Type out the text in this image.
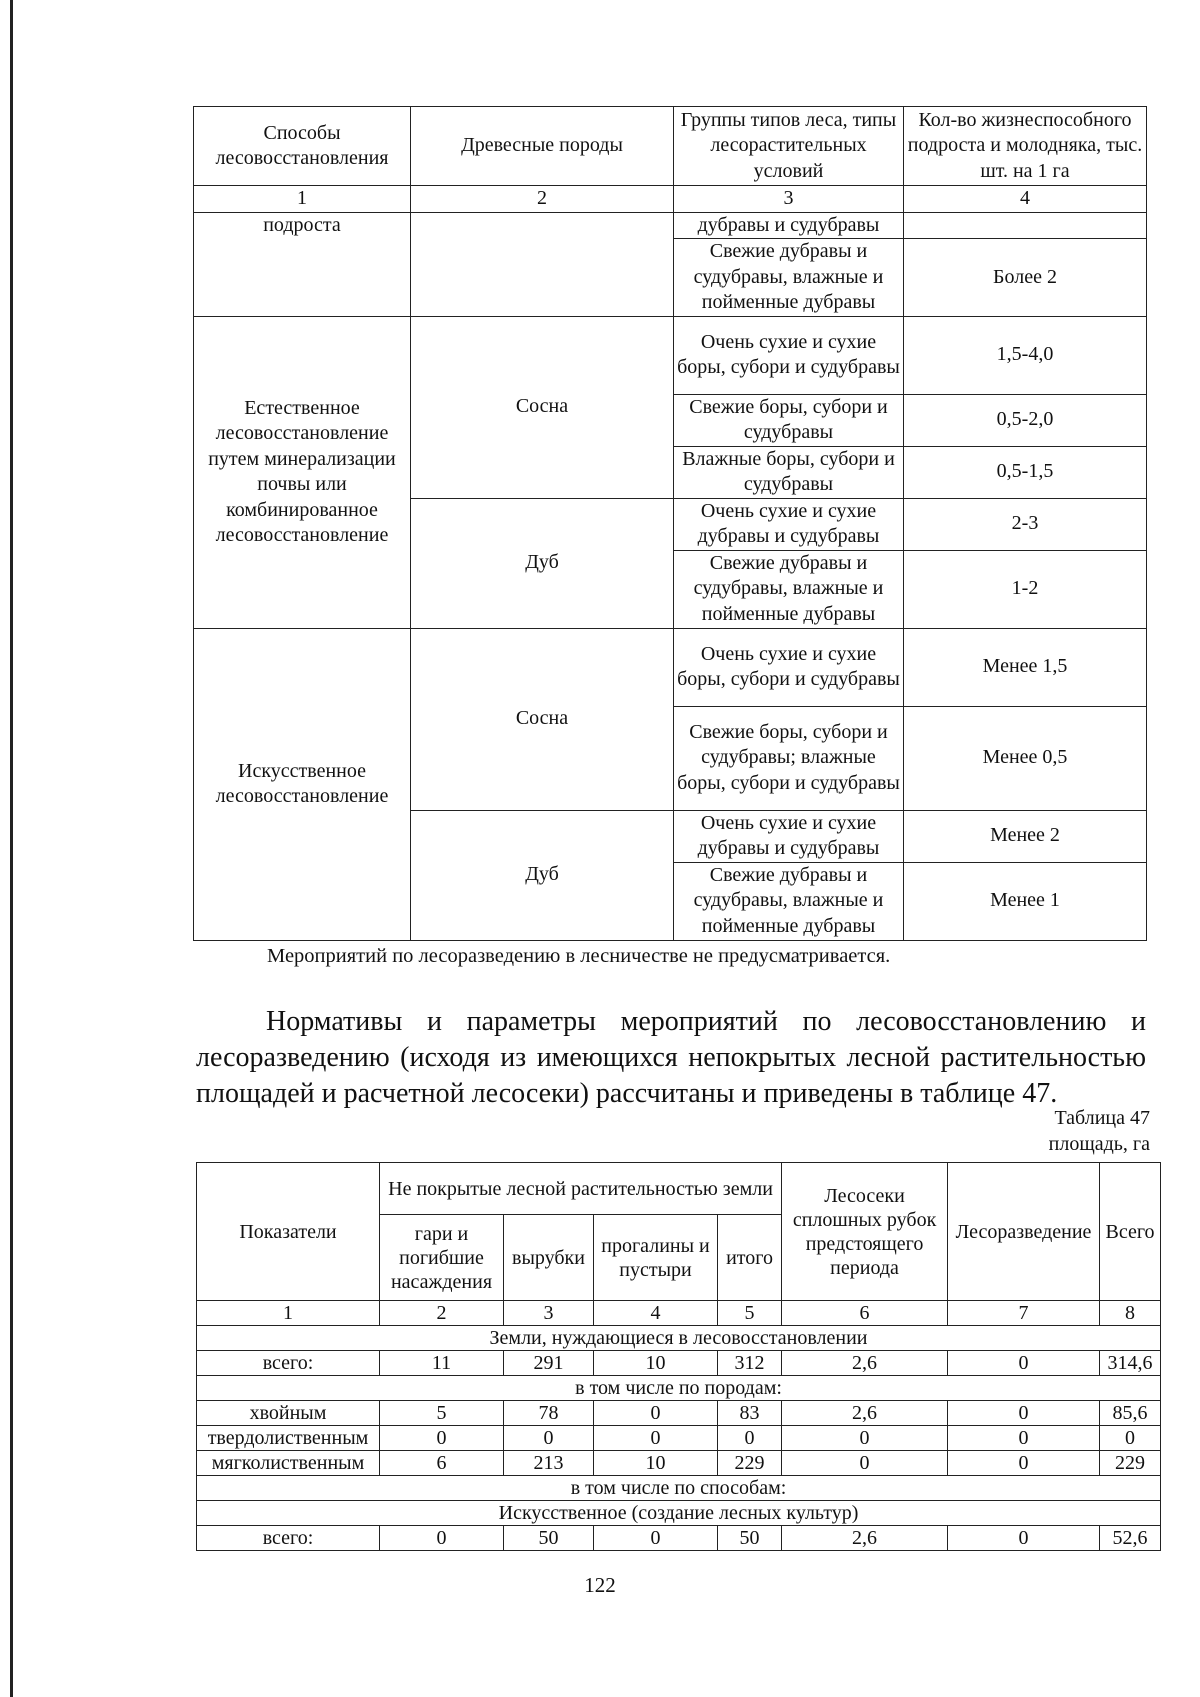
Способы лесовосстановления	Древесные породы	Группы типов леса, типы лесорастительных условий	Кол-во жизнеспособного подроста и молодняка, тыс. шт. на 1 га
1	2	3	4
подроста		дубравы и судубравы	
		Свежие дубравы и судубравы, влажные и пойменные дубравы	Более 2
Естественное лесовосстановление путем минерализации почвы или комбинированное лесовосстановление	Сосна	Очень сухие и сухие боры, субори и судубравы	1,5-4,0
		Свежие боры, субори и судубравы	0,5-2,0
		Влажные боры, субори и судубравы	0,5-1,5
	Дуб	Очень сухие и сухие дубравы и судубравы	2-3
		Свежие дубравы и судубравы, влажные и пойменные дубравы	1-2
Искусственное лесовосстановление	Сосна	Очень сухие и сухие боры, субори и судубравы	Менее 1,5
		Свежие боры, субори и судубравы; влажные боры, субори и судубравы	Менее 0,5
	Дуб	Очень сухие и сухие дубравы и судубравы	Менее 2
		Свежие дубравы и судубравы, влажные и пойменные дубравы	Менее 1
Мероприятий по лесоразведению в лесничестве не предусматривается.

Нормативы и параметры мероприятий по лесовосстановлению и лесоразведению (исходя из имеющихся непокрытых лесной растительностью площадей и расчетной лесосеки) рассчитаны и приведены в таблице 47.

Таблица 47
площадь, га
Показатели	Не покрытые лесной растительностью земли				Лесосеки сплошных рубок предстоящего периода	Лесоразведение	Всего
	гари и погибшие насаждения	вырубки	прогалины и пустыри	итого			
1	2	3	4	5	6	7	8
Земли, нуждающиеся в лесовосстановлении							
всего:	11	291	10	312	2,6	0	314,6
в том числе по породам:							
хвойным	5	78	0	83	2,6	0	85,6
твердолиственным	0	0	0	0	0	0	0
мягколиственным	6	213	10	229	0	0	229
в том числе по способам:							
Искусственное (создание лесных культур)							
всего:	0	50	0	50	2,6	0	52,6
122
